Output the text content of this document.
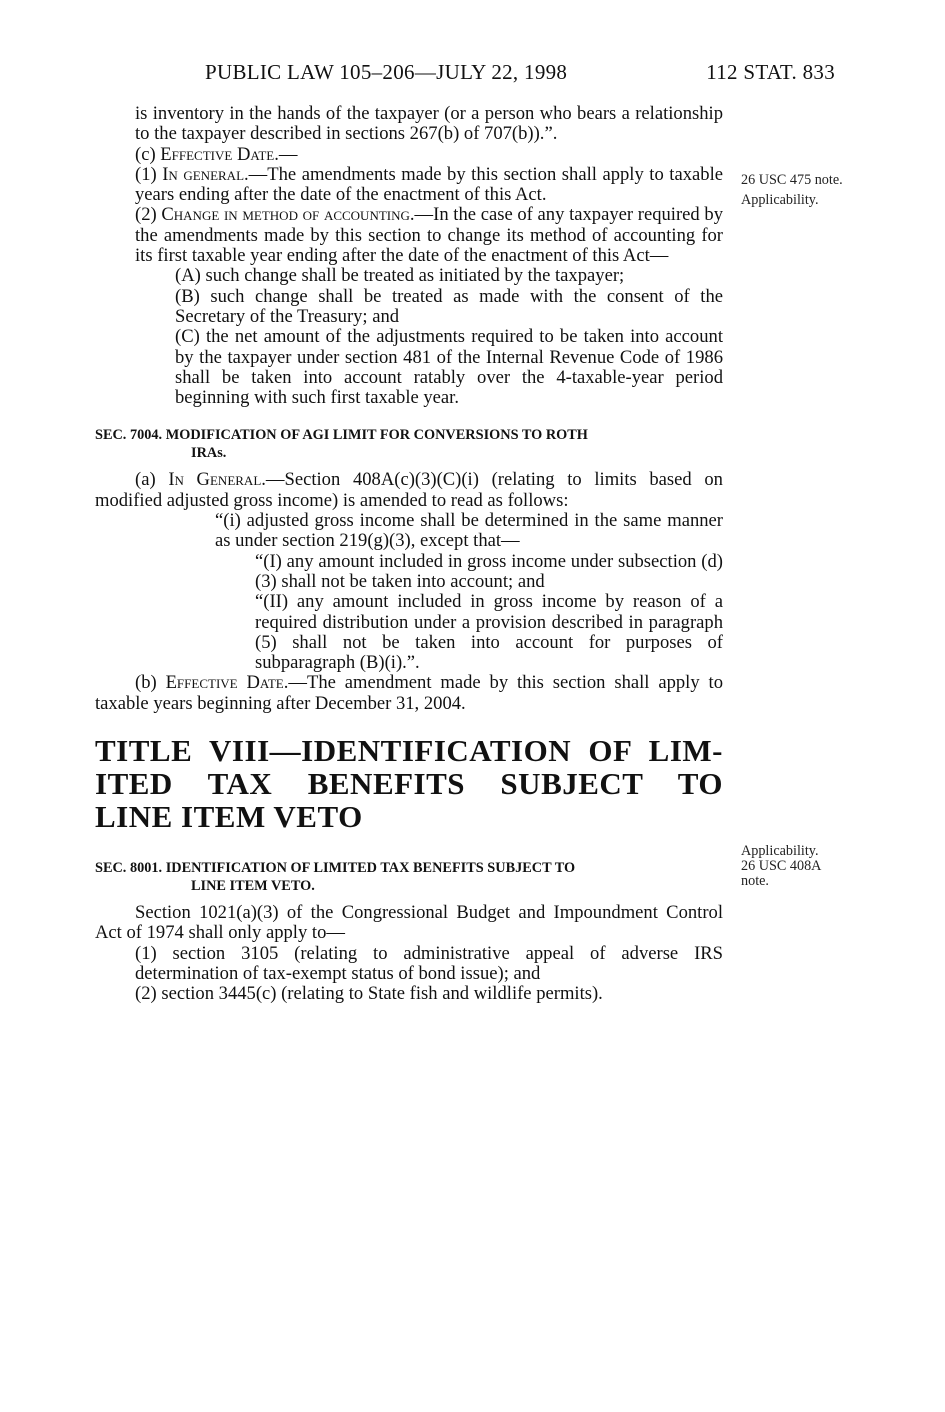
PUBLIC LAW 105–206—JULY 22, 1998	112 STAT. 833
26 USC 475 note.
Applicability.
Applicability.
26 USC 408A
note.

is inventory in the hands of the taxpayer (or a person who bears a relationship to the taxpayer described in sections 267(b) of 707(b)).”.

(c) Effective Date.—

(1) In general.—The amendments made by this section shall apply to taxable years ending after the date of the enactment of this Act.

(2) Change in method of accounting.—In the case of any taxpayer required by the amendments made by this section to change its method of accounting for its first taxable year ending after the date of the enactment of this Act—

(A) such change shall be treated as initiated by the taxpayer;

(B) such change shall be treated as made with the consent of the Secretary of the Treasury; and

(C) the net amount of the adjustments required to be taken into account by the taxpayer under section 481 of the Internal Revenue Code of 1986 shall be taken into account ratably over the 4-taxable-year period beginning with such first taxable year.

SEC. 7004. MODIFICATION OF AGI LIMIT FOR CONVERSIONS TO ROTH
IRAs.

(a) In General.—Section 408A(c)(3)(C)(i) (relating to limits based on modified adjusted gross income) is amended to read as follows:

“(i) adjusted gross income shall be determined in the same manner as under section 219(g)(3), except that—

“(I) any amount included in gross income under subsection (d)(3) shall not be taken into account; and

“(II) any amount included in gross income by reason of a required distribution under a provision described in paragraph (5) shall not be taken into account for purposes of subparagraph (B)(i).”.

(b) Effective Date.—The amendment made by this section shall apply to taxable years beginning after December 31, 2004.

TITLE VIII—IDENTIFICATION OF LIM-
ITED TAX BENEFITS SUBJECT TO
LINE ITEM VETO
SEC. 8001. IDENTIFICATION OF LIMITED TAX BENEFITS SUBJECT TO
LINE ITEM VETO.

Section 1021(a)(3) of the Congressional Budget and Impoundment Control Act of 1974 shall only apply to—

(1) section 3105 (relating to administrative appeal of adverse IRS determination of tax-exempt status of bond issue); and

(2) section 3445(c) (relating to State fish and wildlife permits).
